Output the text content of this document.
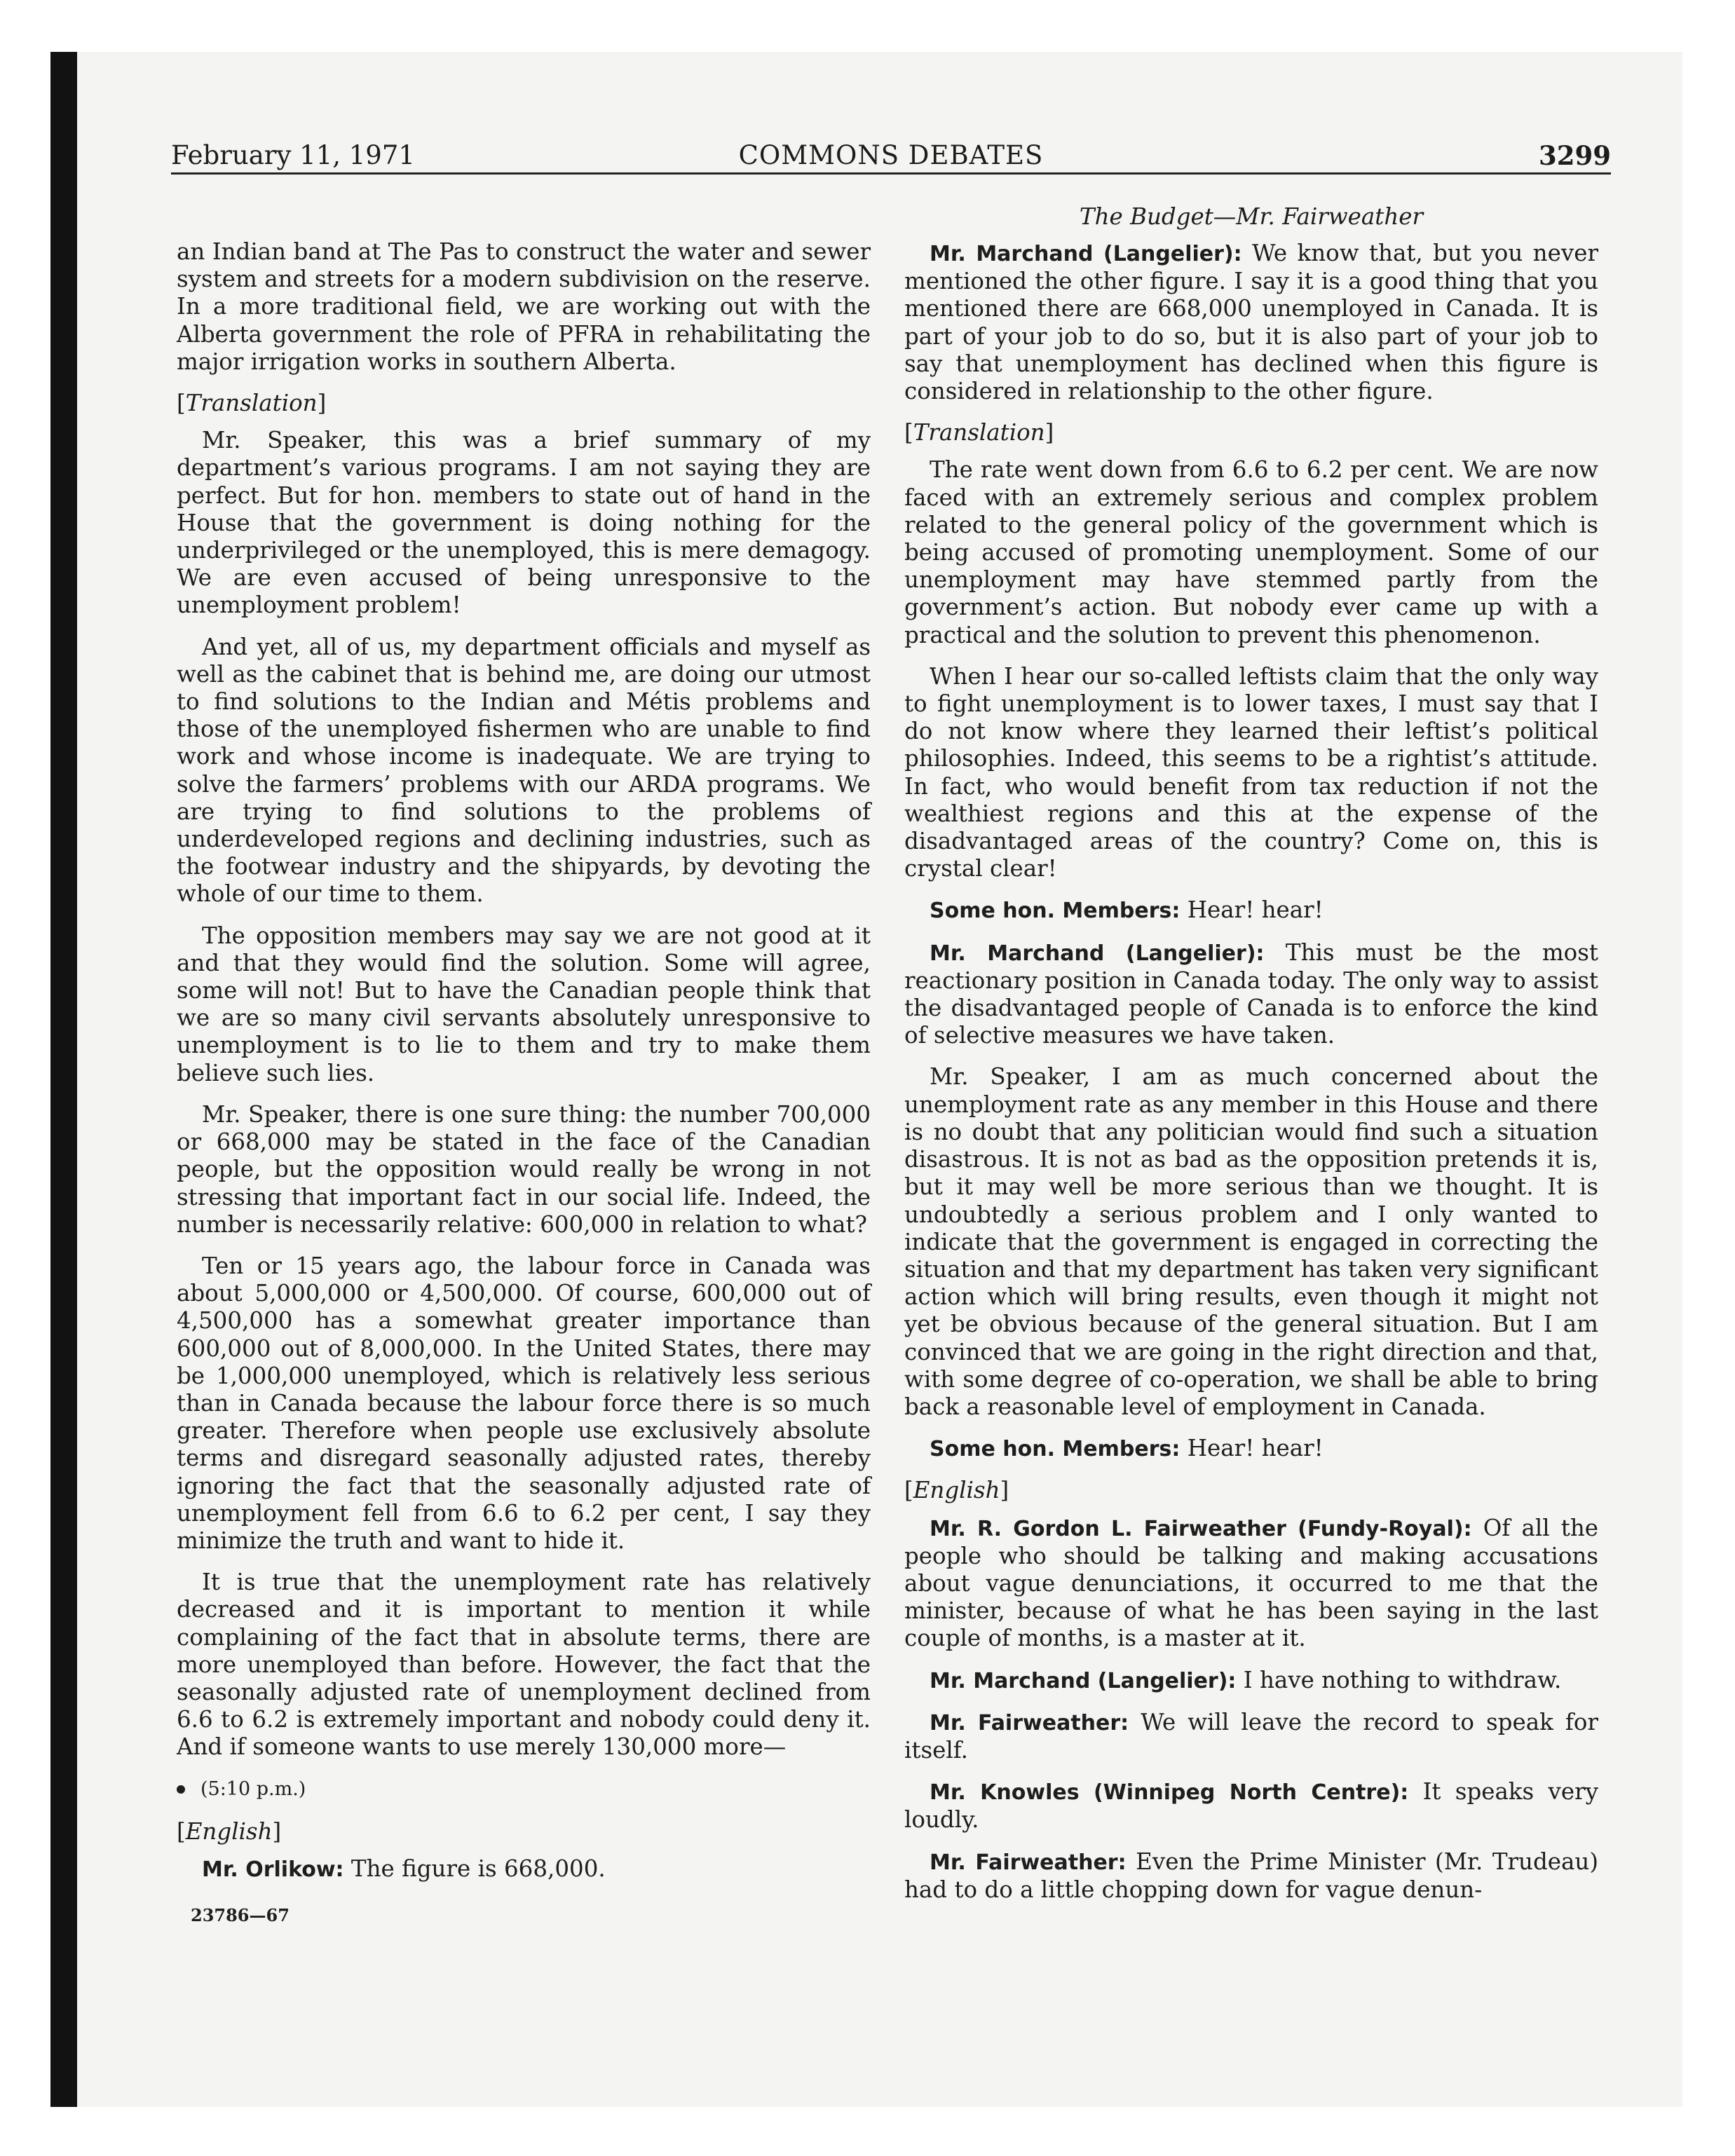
February 11, 1971	COMMONS DEBATES	3299
The Budget—Mr. Fairweather

an Indian band at The Pas to construct the water and sewer system and streets for a modern subdivision on the reserve. In a more traditional field, we are working out with the Alberta government the role of PFRA in rehabilitating the major irrigation works in southern Alberta.

[Translation]

Mr. Speaker, this was a brief summary of my department’s various programs. I am not saying they are perfect. But for hon. members to state out of hand in the House that the government is doing nothing for the underprivileged or the unemployed, this is mere demagogy. We are even accused of being unresponsive to the unemployment problem!

And yet, all of us, my department officials and myself as well as the cabinet that is behind me, are doing our utmost to find solutions to the Indian and Métis problems and those of the unemployed fishermen who are unable to find work and whose income is inadequate. We are trying to solve the farmers’ problems with our ARDA programs. We are trying to find solutions to the problems of underdeveloped regions and declining industries, such as the footwear industry and the shipyards, by devoting the whole of our time to them.

The opposition members may say we are not good at it and that they would find the solution. Some will agree, some will not! But to have the Canadian people think that we are so many civil servants absolutely unresponsive to unemployment is to lie to them and try to make them believe such lies.

Mr. Speaker, there is one sure thing: the number 700,000 or 668,000 may be stated in the face of the Canadian people, but the opposition would really be wrong in not stressing that important fact in our social life. Indeed, the number is necessarily relative: 600,000 in relation to what?

Ten or 15 years ago, the labour force in Canada was about 5,000,000 or 4,500,000. Of course, 600,000 out of 4,500,000 has a somewhat greater importance than 600,000 out of 8,000,000. In the United States, there may be 1,000,000 unemployed, which is relatively less serious than in Canada because the labour force there is so much greater. Therefore when people use exclusively absolute terms and disregard seasonally adjusted rates, thereby ignoring the fact that the seasonally adjusted rate of unemployment fell from 6.6 to 6.2 per cent, I say they minimize the truth and want to hide it.

It is true that the unemployment rate has relatively decreased and it is important to mention it while complaining of the fact that in absolute terms, there are more unemployed than before. However, the fact that the seasonally adjusted rate of unemployment declined from 6.6 to 6.2 is extremely important and nobody could deny it. And if someone wants to use merely 130,000 more—

(5:10 p.m.)

[English]

Mr. Orlikow: The figure is 668,000.

23786—67

Mr. Marchand (Langelier): We know that, but you never mentioned the other figure. I say it is a good thing that you mentioned there are 668,000 unemployed in Canada. It is part of your job to do so, but it is also part of your job to say that unemployment has declined when this figure is considered in relationship to the other figure.

[Translation]

The rate went down from 6.6 to 6.2 per cent. We are now faced with an extremely serious and complex problem related to the general policy of the government which is being accused of promoting unemployment. Some of our unemployment may have stemmed partly from the government’s action. But nobody ever came up with a practical and the solution to prevent this phenomenon.

When I hear our so-called leftists claim that the only way to fight unemployment is to lower taxes, I must say that I do not know where they learned their leftist’s political philosophies. Indeed, this seems to be a rightist’s attitude. In fact, who would benefit from tax reduction if not the wealthiest regions and this at the expense of the disadvantaged areas of the country? Come on, this is crystal clear!

Some hon. Members: Hear! hear!

Mr. Marchand (Langelier): This must be the most reactionary position in Canada today. The only way to assist the disadvantaged people of Canada is to enforce the kind of selective measures we have taken.

Mr. Speaker, I am as much concerned about the unemployment rate as any member in this House and there is no doubt that any politician would find such a situation disastrous. It is not as bad as the opposition pretends it is, but it may well be more serious than we thought. It is undoubtedly a serious problem and I only wanted to indicate that the government is engaged in correcting the situation and that my department has taken very significant action which will bring results, even though it might not yet be obvious because of the general situation. But I am convinced that we are going in the right direction and that, with some degree of co-operation, we shall be able to bring back a reasonable level of employment in Canada.

Some hon. Members: Hear! hear!

[English]

Mr. R. Gordon L. Fairweather (Fundy-Royal): Of all the people who should be talking and making accusations about vague denunciations, it occurred to me that the minister, because of what he has been saying in the last couple of months, is a master at it.

Mr. Marchand (Langelier): I have nothing to withdraw.

Mr. Fairweather: We will leave the record to speak for itself.

Mr. Knowles (Winnipeg North Centre): It speaks very loudly.

Mr. Fairweather: Even the Prime Minister (Mr. Trudeau) had to do a little chopping down for vague denun-
